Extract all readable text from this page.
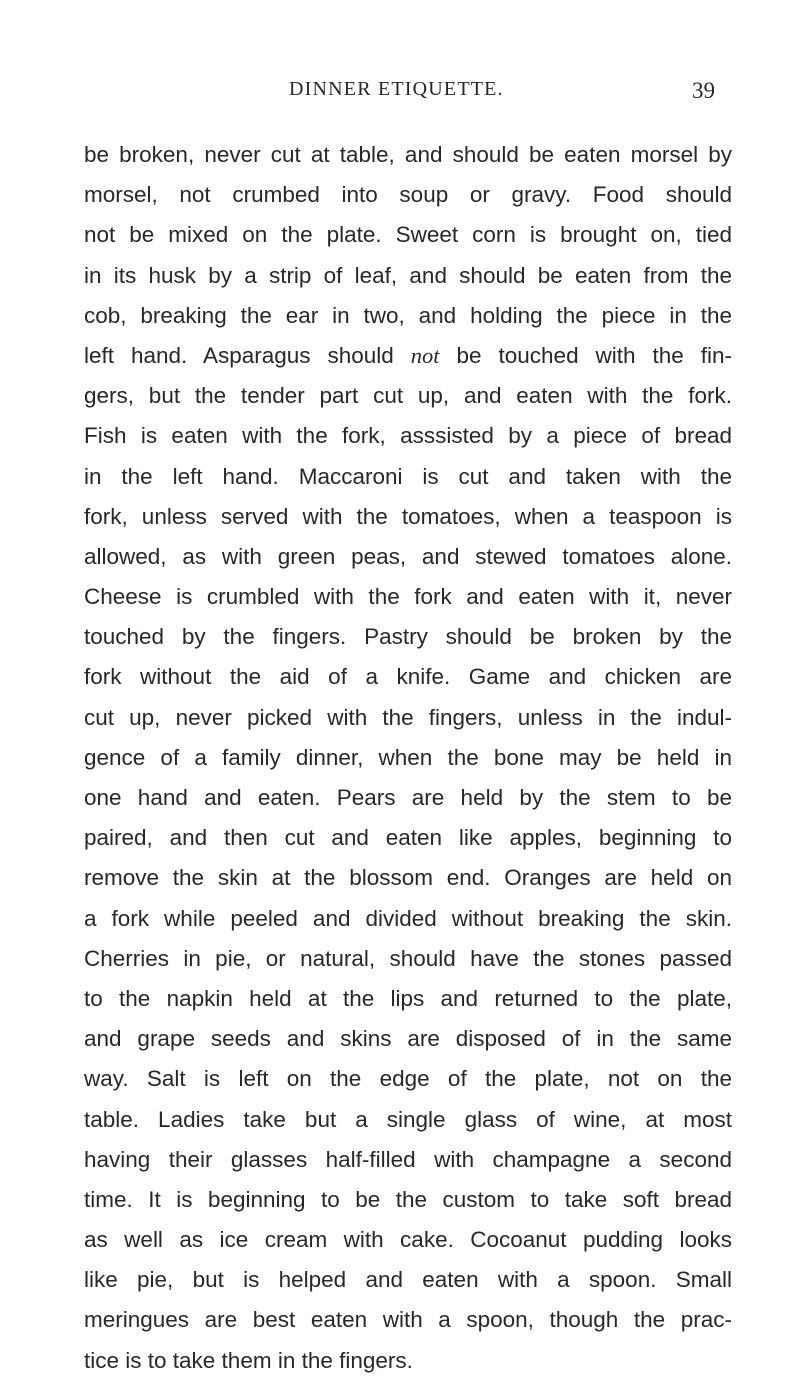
DINNER ETIQUETTE.	39
be broken, never cut at table, and should be eaten morsel by
morsel, not crumbed into soup or gravy. Food should
not be mixed on the plate. Sweet corn is brought on, tied
in its husk by a strip of leaf, and should be eaten from the
cob, breaking the ear in two, and holding the piece in the
left hand. Asparagus should not be touched with the fin-
gers, but the tender part cut up, and eaten with the fork.
Fish is eaten with the fork, asssisted by a piece of bread
in the left hand. Maccaroni is cut and taken with the
fork, unless served with the tomatoes, when a teaspoon is
allowed, as with green peas, and stewed tomatoes alone.
Cheese is crumbled with the fork and eaten with it, never
touched by the fingers. Pastry should be broken by the
fork without the aid of a knife. Game and chicken are
cut up, never picked with the fingers, unless in the indul-
gence of a family dinner, when the bone may be held in
one hand and eaten. Pears are held by the stem to be
paired, and then cut and eaten like apples, beginning to
remove the skin at the blossom end. Oranges are held on
a fork while peeled and divided without breaking the skin.
Cherries in pie, or natural, should have the stones passed
to the napkin held at the lips and returned to the plate,
and grape seeds and skins are disposed of in the same
way. Salt is left on the edge of the plate, not on the
table. Ladies take but a single glass of wine, at most
having their glasses half-filled with champagne a second
time. It is beginning to be the custom to take soft bread
as well as ice cream with cake. Cocoanut pudding looks
like pie, but is helped and eaten with a spoon. Small
meringues are best eaten with a spoon, though the prac-
tice is to take them in the fingers.
